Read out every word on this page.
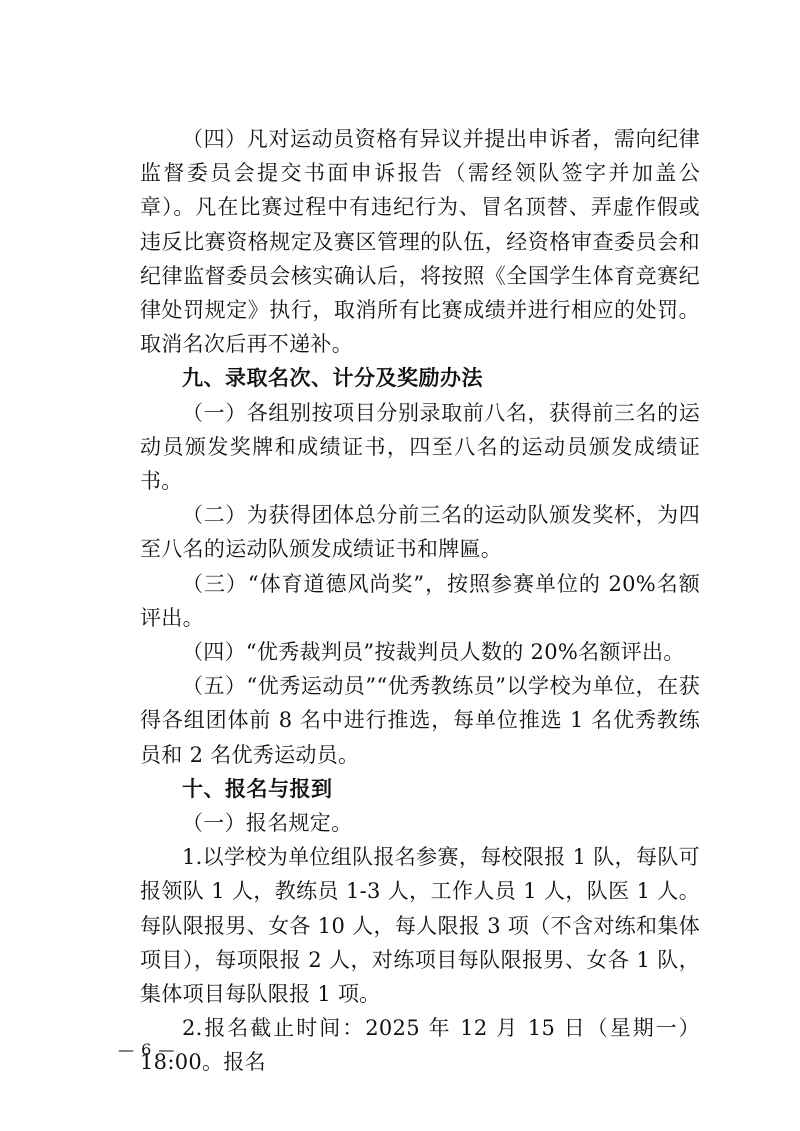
（四）凡对运动员资格有异议并提出申诉者，需向纪律监督委员会提交书面申诉报告（需经领队签字并加盖公章）。凡在比赛过程中有违纪行为、冒名顶替、弄虚作假或违反比赛资格规定及赛区管理的队伍，经资格审查委员会和纪律监督委员会核实确认后，将按照《全国学生体育竞赛纪律处罚规定》执行，取消所有比赛成绩并进行相应的处罚。取消名次后再不递补。

九、录取名次、计分及奖励办法

（一）各组别按项目分别录取前八名，获得前三名的运动员颁发奖牌和成绩证书，四至八名的运动员颁发成绩证书。

（二）为获得团体总分前三名的运动队颁发奖杯，为四至八名的运动队颁发成绩证书和牌匾。

（三）“体育道德风尚奖”，按照参赛单位的 20%名额评出。

（四）“优秀裁判员”按裁判员人数的 20%名额评出。

（五）“优秀运动员”“优秀教练员”以学校为单位，在获得各组团体前 8 名中进行推选，每单位推选 1 名优秀教练员和 2 名优秀运动员。

十、报名与报到

（一）报名规定。

1.以学校为单位组队报名参赛，每校限报 1 队，每队可报领队 1 人，教练员 1-3 人，工作人员 1 人，队医 1 人。每队限报男、女各 10 人，每人限报 3 项（不含对练和集体项目），每项限报 2 人，对练项目每队限报男、女各 1 队，集体项目每队限报 1 项。

2.报名截止时间：2025 年 12 月 15 日（星期一）18:00。报名

— 6 —
